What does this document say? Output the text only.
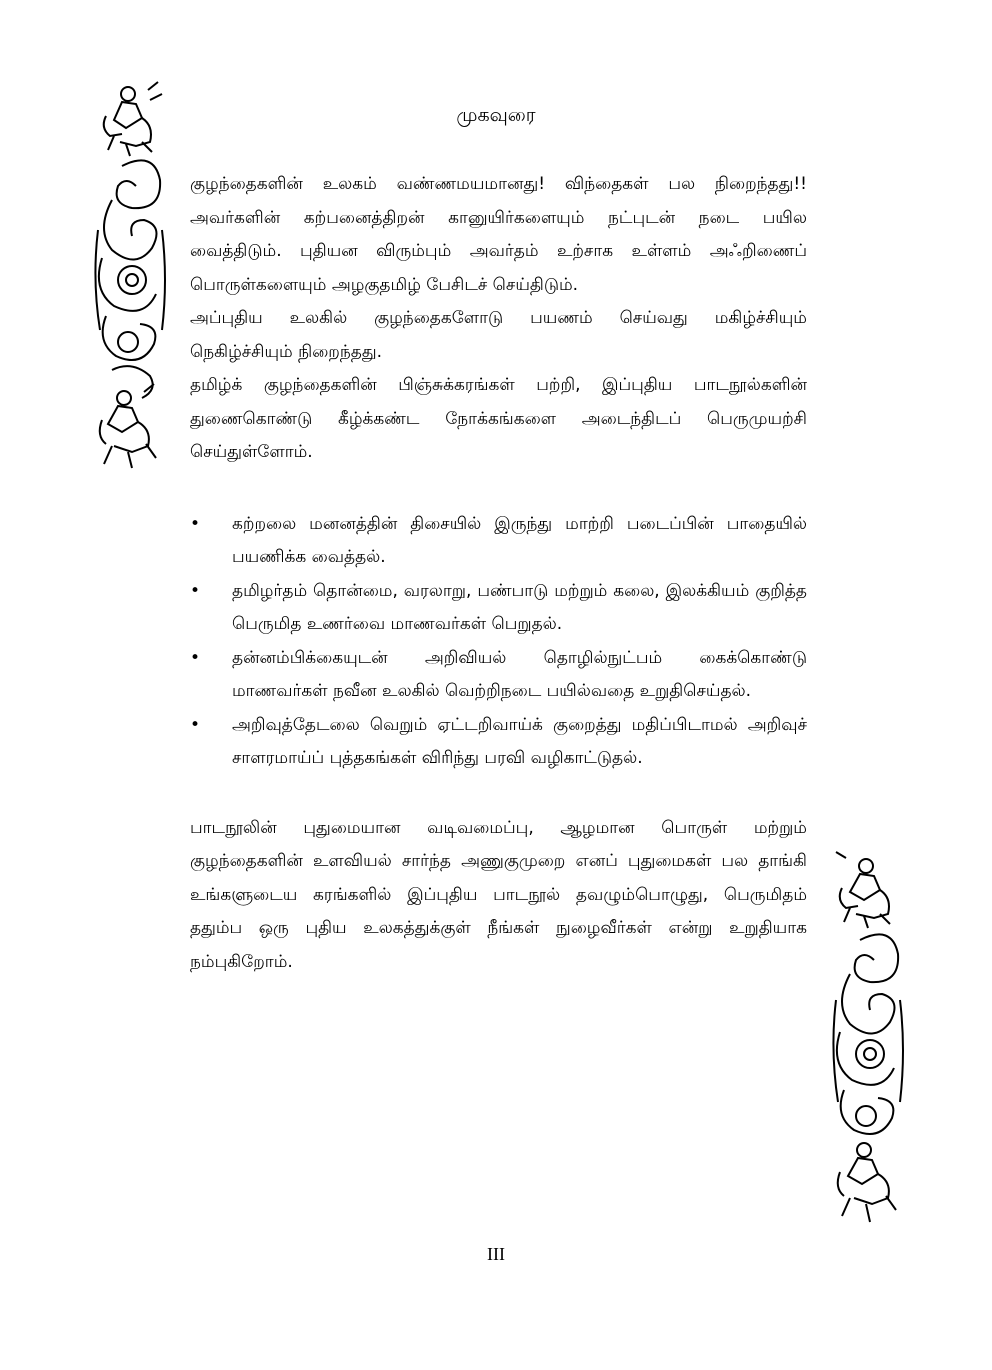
முகவுரை

குழந்தைகளின் உலகம் வண்ணமயமானது! விந்தைகள் பல நிறைந்தது!! அவர்களின் கற்பனைத்திறன் கானுயிர்களையும் நட்புடன் நடை பயில வைத்திடும். புதியன விரும்பும் அவர்தம் உற்சாக உள்ளம் அஃறிணைப் பொருள்களையும் அழகுதமிழ் பேசிடச் செய்திடும்.

அப்புதிய உலகில் குழந்தைகளோடு பயணம் செய்வது மகிழ்ச்சியும் நெகிழ்ச்சியும் நிறைந்தது.

தமிழ்க் குழந்தைகளின் பிஞ்சுக்கரங்கள் பற்றி, இப்புதிய பாடநூல்களின் துணைகொண்டு கீழ்க்கண்ட நோக்கங்களை அடைந்திடப் பெருமுயற்சி செய்துள்ளோம்.

• கற்றலை மனனத்தின் திசையில் இருந்து மாற்றி படைப்பின் பாதையில் பயணிக்க வைத்தல்.
• தமிழர்தம் தொன்மை, வரலாறு, பண்பாடு மற்றும் கலை, இலக்கியம் குறித்த பெருமித உணர்வை மாணவர்கள் பெறுதல்.
• தன்னம்பிக்கையுடன் அறிவியல் தொழில்நுட்பம் கைக்கொண்டு மாணவர்கள் நவீன உலகில் வெற்றிநடை பயில்வதை உறுதிசெய்தல்.
• அறிவுத்தேடலை வெறும் ஏட்டறிவாய்க் குறைத்து மதிப்பிடாமல் அறிவுச் சாளரமாய்ப் புத்தகங்கள் விரிந்து பரவி வழிகாட்டுதல்.

பாடநூலின் புதுமையான வடிவமைப்பு, ஆழமான பொருள் மற்றும் குழந்தைகளின் உளவியல் சார்ந்த அணுகுமுறை எனப் புதுமைகள் பல தாங்கி உங்களுடைய கரங்களில் இப்புதிய பாடநூல் தவழும்பொழுது, பெருமிதம் ததும்ப ஒரு புதிய உலகத்துக்குள் நீங்கள் நுழைவீர்கள் என்று உறுதியாக நம்புகிறோம்.

III
